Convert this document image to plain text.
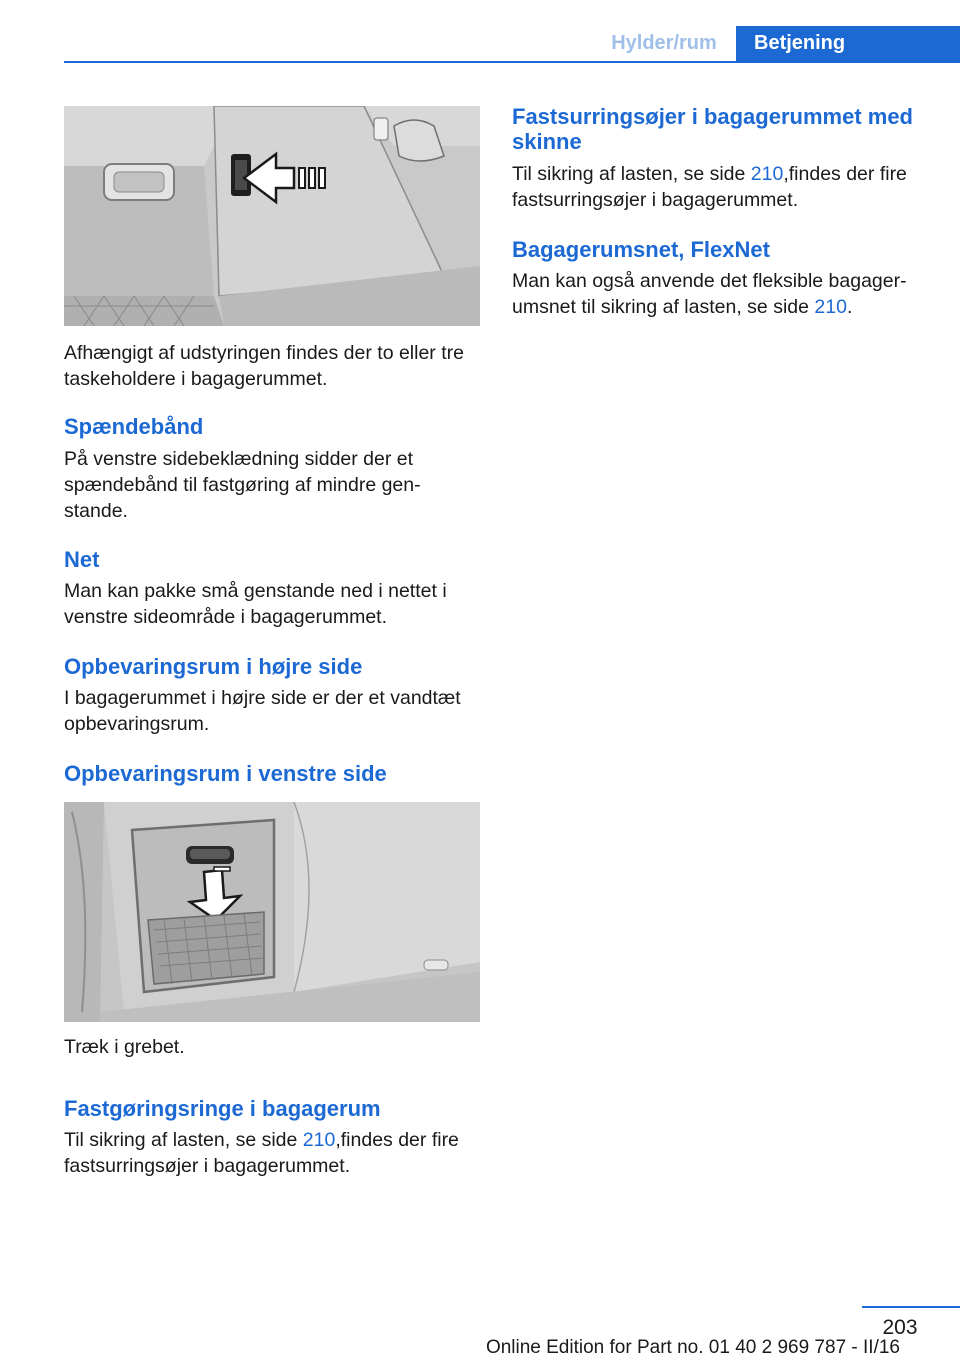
Hylder/rum	Betjening
Afhængigt af udstyringen findes der to eller tre taskeholdere i bagagerummet.
Spændebånd
På venstre sidebeklædning sidder der et spændebånd til fastgøring af mindre gen-stande.
Net
Man kan pakke små genstande ned i nettet i venstre sideområde i bagagerummet.
Opbevaringsrum i højre side
I bagagerummet i højre side er der et vandtæt opbevaringsrum.
Opbevaringsrum i venstre side
Træk i grebet.
Fastgøringsringe i bagagerum
Til sikring af lasten, se side 210,findes der fire fastsurringsøjer i bagagerummet.
Fastsurringsøjer i bagagerummet med skinne
Til sikring af lasten, se side 210,findes der fire fastsurringsøjer i bagagerummet.
Bagagerumsnet, FlexNet
Man kan også anvende det fleksible bagager-umsnet til sikring af lasten, se side 210.
203
Online Edition for Part no. 01 40 2 969 787 - II/16
